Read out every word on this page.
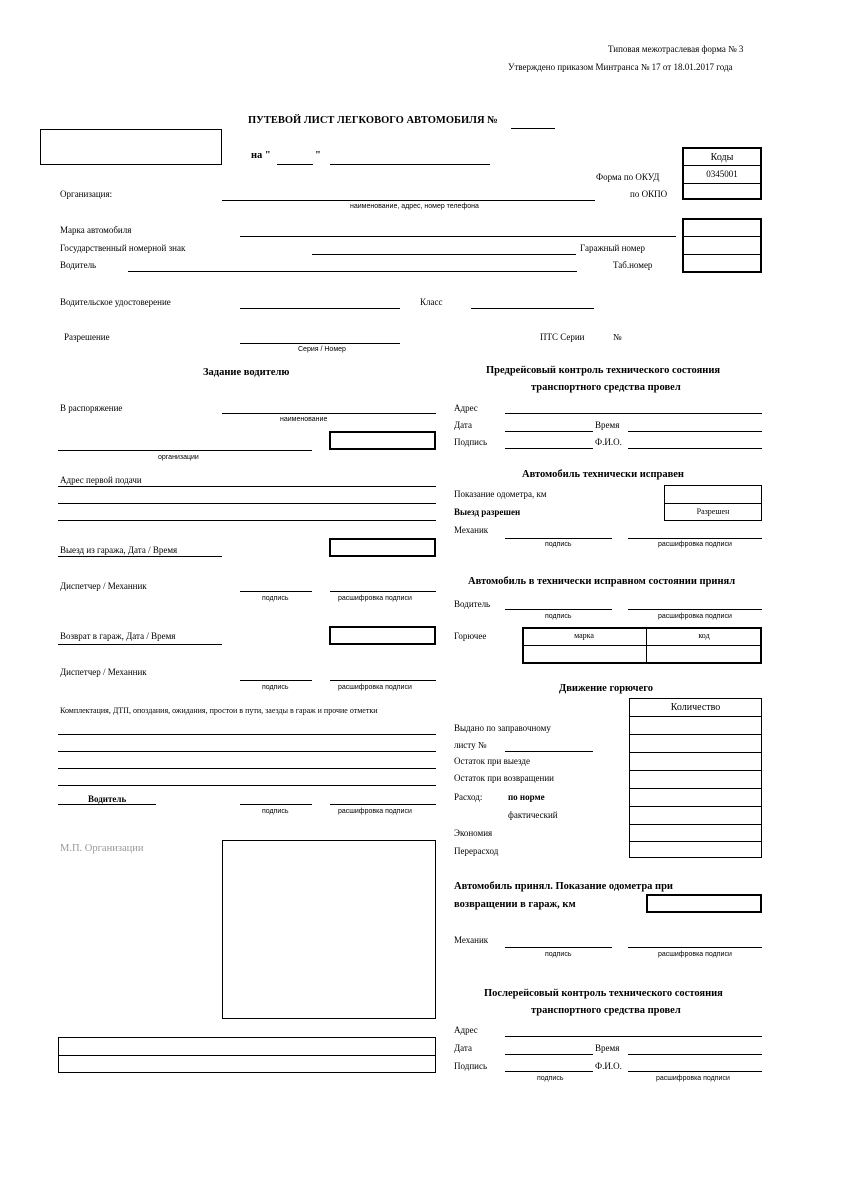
Типовая межотраслевая форма № 3
Утверждено приказом Минтранса № 17 от 18.01.2017 года
ПУТЕВОЙ ЛИСТ ЛЕГКОВОГО АВТОМОБИЛЯ №
на "	"	Коды
0345001
Форма по ОКУД
по ОКПО
Гаражный номер
Таб.номер
Организация:
наименование, адрес, номер телефона
Марка автомобиля
Государственный номерной знак
Водитель
Водительское удостоверение	Класс
Разрешение
Серия / Номер
ПТС Серии	№
Задание водителю
В распоряжение
наименование
организации
Адрес первой подачи
Выезд из гаража, Дата / Время
Диспетчер / Механник
подпись	расшифровка подписи
Возврат в гараж, Дата / Время
Диспетчер / Механник
подпись	расшифровка подписи
Комплектация, ДТП, опоздания, ожидания, простои в пути, заезды в гараж и прочие отметки
Водитель
подпись	расшифровка подписи
М.П. Организации
Предрейсовый контроль технического состояния
транспортного средства провел
Адрес
Дата	Время
Подпись	Ф.И.О.
Автомобиль технически исправен
Показание одометра, км
Разрешен
Выезд разрешен
Механик
подпись	расшифровка подписи
Автомобиль в технически исправном состоянии принял
Водитель
подпись	расшифровка подписи
Горючее	марка	код
Движение горючего
Количество
Выдано по заправочному
листу №
Остаток при выезде
Остаток при возвращении
Расход:	по норме
фактический
Экономия
Перерасход
Автомобиль принял. Показание одометра при
возвращении в гараж, км
Механик
подпись	расшифровка подписи
Послерейсовый контроль технического состояния
транспортного средства провел
Адрес
Дата	Время
Подпись	Ф.И.О.
подпись	расшифровка подписи
